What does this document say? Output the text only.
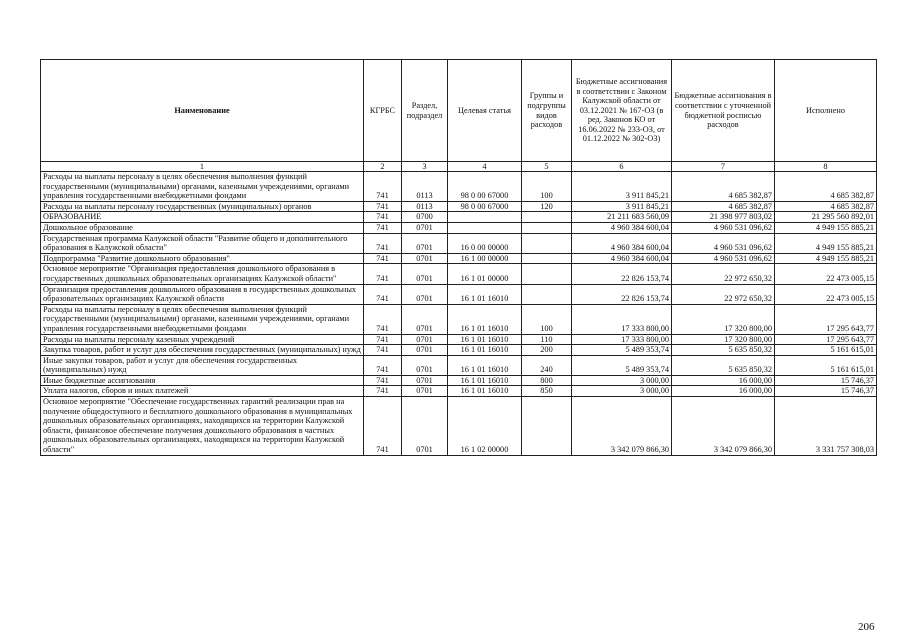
Наименование	КГРБС	Раздел, подраздел	Целевая статья	Группы и подгруппы видов расходов	Бюджетные ассигнования в соответствии с Законом Калужской области от 03.12.2021 № 167-ОЗ (в ред. Законов КО от 16.06.2022 № 233-ОЗ, от 01.12.2022 № 302-ОЗ)	Бюджетные ассигнования в соответствии с уточненной бюджетной росписью расходов	Исполнено
1	2	3	4	5	6	7	8
Расходы на выплаты персоналу в целях обеспечения выполнения функций государственными (муниципальными) органами, казенными учреждениями, органами управления государственными внебюджетными фондами	741	0113	98 0 00 67000	100	3 911 845,21	4 685 382,87	4 685 382,87
Расходы на выплаты персоналу государственных (муниципальных) органов	741	0113	98 0 00 67000	120	3 911 845,21	4 685 382,87	4 685 382,87
ОБРАЗОВАНИЕ	741	0700			21 211 683 560,09	21 398 977 803,02	21 295 560 892,01
Дошкольное образование	741	0701			4 960 384 600,04	4 960 531 096,62	4 949 155 885,21
Государственная программа Калужской области "Развитие общего и дополнительного образования в Калужской области"	741	0701	16 0 00 00000		4 960 384 600,04	4 960 531 096,62	4 949 155 885,21
Подпрограмма "Развитие дошкольного образования"	741	0701	16 1 00 00000		4 960 384 600,04	4 960 531 096,62	4 949 155 885,21
Основное мероприятие "Организация предоставления дошкольного образования в государственных дошкольных образовательных организациях Калужской области"	741	0701	16 1 01 00000		22 826 153,74	22 972 650,32	22 473 005,15
Организация предоставления дошкольного образования в государственных дошкольных образовательных организациях Калужской области	741	0701	16 1 01 16010		22 826 153,74	22 972 650,32	22 473 005,15
Расходы на выплаты персоналу в целях обеспечения выполнения функций государственными (муниципальными) органами, казенными учреждениями, органами управления государственными внебюджетными фондами	741	0701	16 1 01 16010	100	17 333 800,00	17 320 800,00	17 295 643,77
Расходы на выплаты персоналу казенных учреждений	741	0701	16 1 01 16010	110	17 333 800,00	17 320 800,00	17 295 643,77
Закупка товаров, работ и услуг для обеспечения государственных (муниципальных) нужд	741	0701	16 1 01 16010	200	5 489 353,74	5 635 850,32	5 161 615,01
Иные закупки товаров, работ и услуг для обеспечения государственных (муниципальных) нужд	741	0701	16 1 01 16010	240	5 489 353,74	5 635 850,32	5 161 615,01
Иные бюджетные ассигнования	741	0701	16 1 01 16010	800	3 000,00	16 000,00	15 746,37
Уплата налогов, сборов и иных платежей	741	0701	16 1 01 16010	850	3 000,00	16 000,00	15 746,37
Основное мероприятие "Обеспечение государственных гарантий реализации прав на получение общедоступного и бесплатного дошкольного образования в муниципальных дошкольных образовательных организациях, находящихся на территории Калужской области, финансовое обеспечение получения дошкольного образования в частных дошкольных образовательных организациях, находящихся на территории Калужской области"	741	0701	16 1 02 00000		3 342 079 866,30	3 342 079 866,30	3 331 757 308,03
206
